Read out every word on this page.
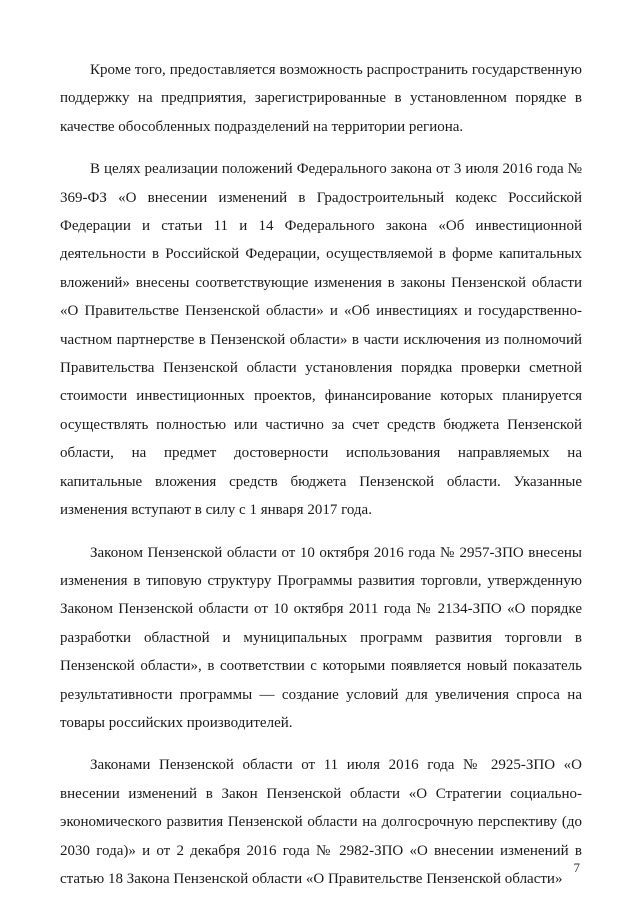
Кроме того, предоставляется возможность распространить государственную поддержку на предприятия, зарегистрированные в установленном порядке в качестве обособленных подразделений на территории региона.

В целях реализации положений Федерального закона от 3 июля 2016 года № 369-ФЗ «О внесении изменений в Градостроительный кодекс Российской Федерации и статьи 11 и 14 Федерального закона «Об инвестиционной деятельности в Российской Федерации, осуществляемой в форме капитальных вложений» внесены соответствующие изменения в законы Пензенской области «О Правительстве Пензенской области» и «Об инвестициях и государственно-частном партнерстве в Пензенской области» в части исключения из полномочий Правительства Пензенской области установления порядка проверки сметной стоимости инвестиционных проектов, финансирование которых планируется осуществлять полностью или частично за счет средств бюджета Пензенской области, на предмет достоверности использования направляемых на капитальные вложения средств бюджета Пензенской области. Указанные изменения вступают в силу с 1 января 2017 года.

Законом Пензенской области от 10 октября 2016 года № 2957-ЗПО внесены изменения в типовую структуру Программы развития торговли, утвержденную Законом Пензенской области от 10 октября 2011 года № 2134-ЗПО «О порядке разработки областной и муниципальных программ развития торговли в Пензенской области», в соответствии с которыми появляется новый показатель результативности программы — создание условий для увеличения спроса на товары российских производителей.

Законами Пензенской области от 11 июля 2016 года № 2925-ЗПО «О внесении изменений в Закон Пензенской области «О Стратегии социально-экономического развития Пензенской области на долгосрочную перспективу (до 2030 года)» и от 2 декабря 2016 года № 2982-ЗПО «О внесении изменений в статью 18 Закона Пензенской области «О Правительстве Пензенской области»

7
